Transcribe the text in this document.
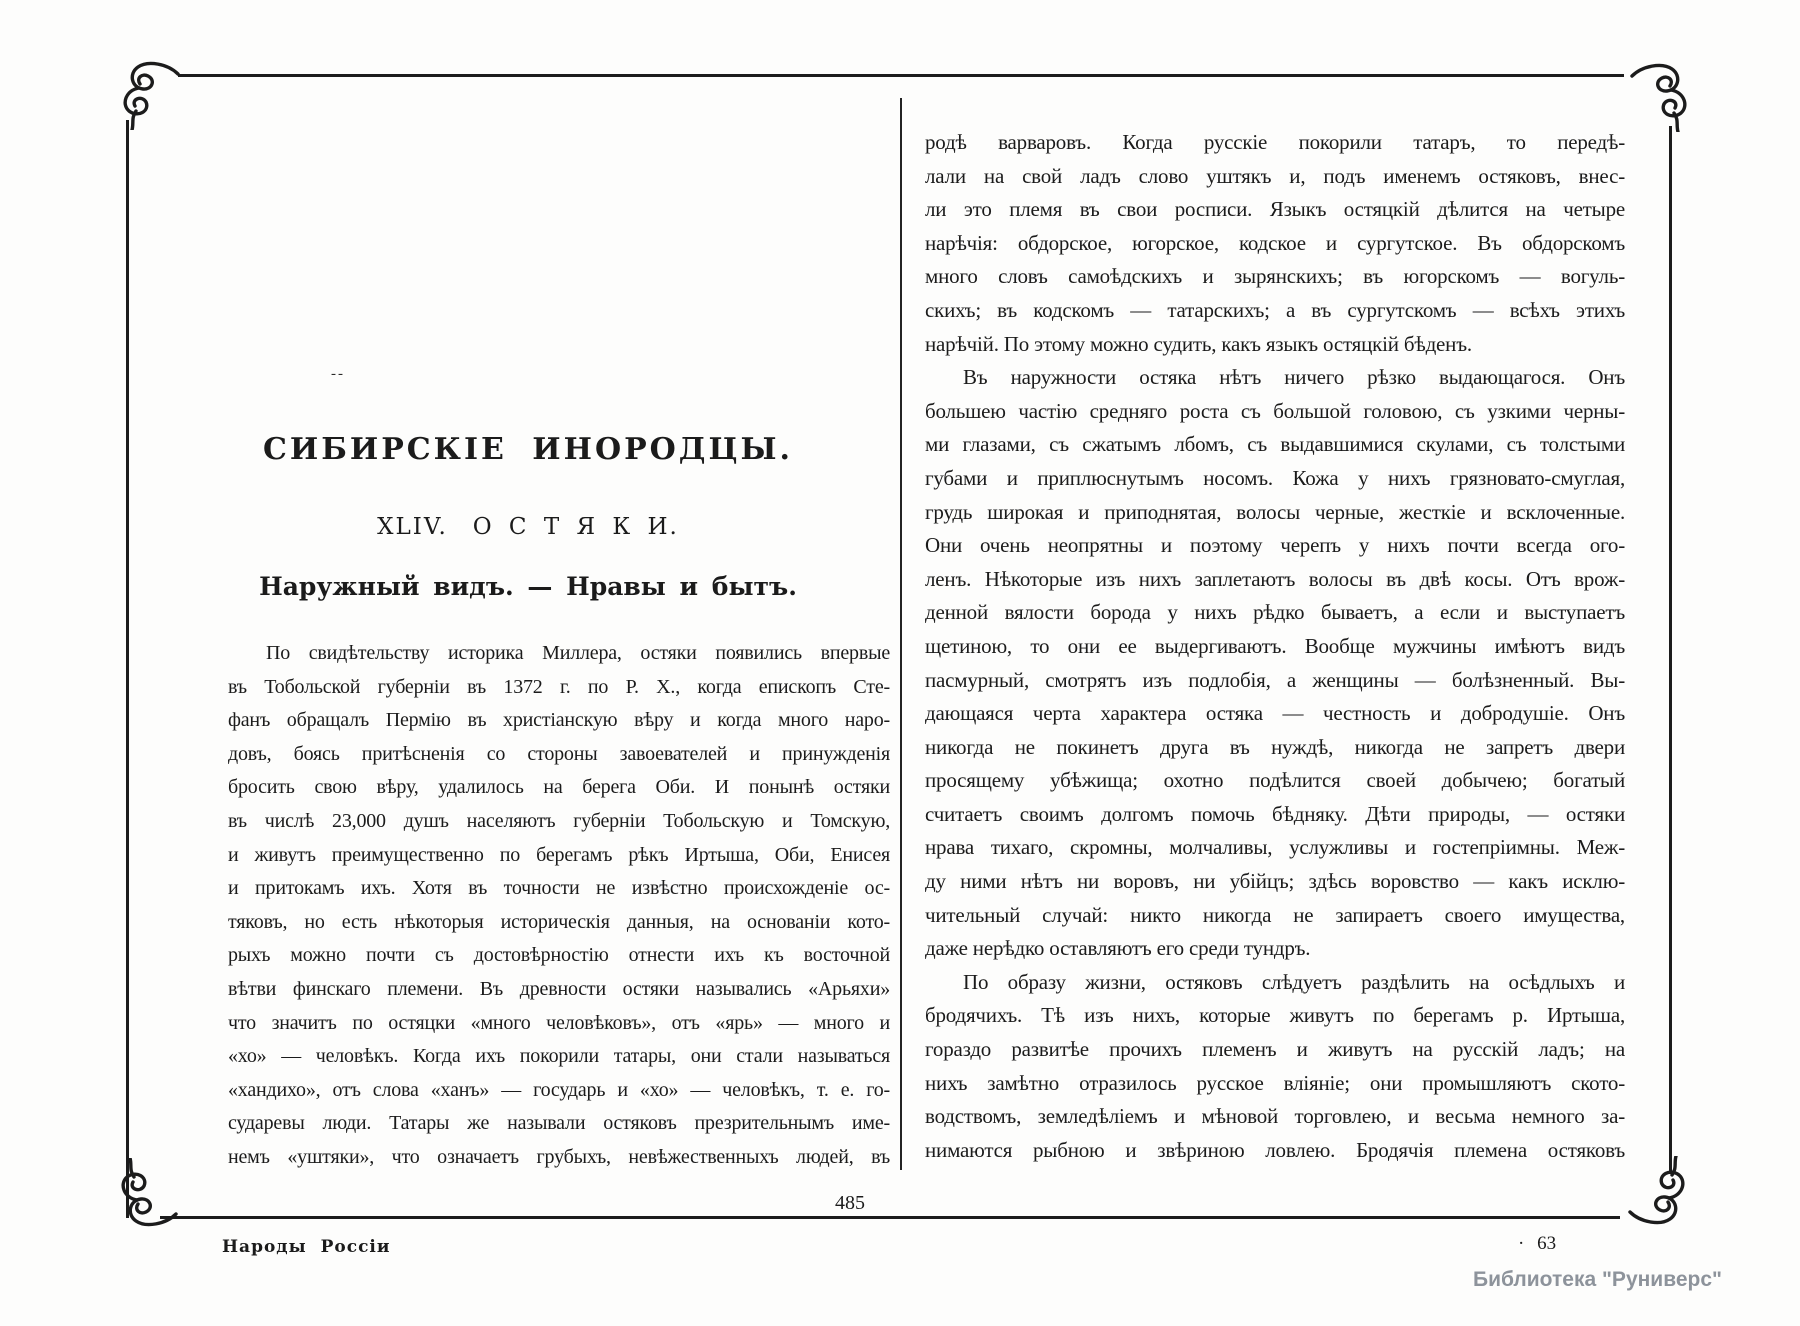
--
СИБИРСКІЕ ИНОРОДЦЫ.
XLIV. О С Т Я К И.
Наружный видъ. — Нравы и бытъ.
По свидѣтельству историка Миллера, остяки появились впервые
въ Тобольской губерніи въ 1372 г. по Р. Х., когда епископъ Сте-
фанъ обращалъ Пермію въ христіанскую вѣру и когда много наро-
довъ, боясь притѣсненія со стороны завоевателей и принужденія
бросить свою вѣру, удалилось на берега Оби. И понынѣ остяки
въ числѣ 23,000 душъ населяютъ губерніи Тобольскую и Томскую,
и живутъ преимущественно по берегамъ рѣкъ Иртыша, Оби, Енисея
и притокамъ ихъ. Хотя въ точности не извѣстно происхожденіе ос-
тяковъ, но есть нѣкоторыя историческія данныя, на основаніи кото-
рыхъ можно почти съ достовѣрностію отнести ихъ къ восточной
вѣтви финскаго племени. Въ древности остяки назывались «Арьяхи»
что значитъ по остяцки «много человѣковъ», отъ «ярь» — много и
«хо» — человѣкъ. Когда ихъ покорили татары, они стали называться
«хандихо», отъ слова «ханъ» — государь и «хо» — человѣкъ, т. е. го-
сударевы люди. Татары же называли остяковъ презрительнымъ име-
немъ «уштяки», что означаетъ грубыхъ, невѣжественныхъ людей, въ
родѣ варваровъ. Когда русскіе покорили татаръ, то передѣ-
лали на свой ладъ слово уштякъ и, подъ именемъ остяковъ, внес-
ли это племя въ свои росписи. Языкъ остяцкій дѣлится на четыре
нарѣчія: обдорское, югорское, кодское и сургутское. Въ обдорскомъ
много словъ самоѣдскихъ и зырянскихъ; въ югорскомъ — вогуль-
скихъ; въ кодскомъ — татарскихъ; а въ сургутскомъ — всѣхъ этихъ
нарѣчій. По этому можно судить, какъ языкъ остяцкій бѣденъ.
Въ наружности остяка нѣтъ ничего рѣзко выдающагося. Онъ
большею частію средняго роста съ большой головою, съ узкими черны-
ми глазами, съ сжатымъ лбомъ, съ выдавшимися скулами, съ толстыми
губами и приплюснутымъ носомъ. Кожа у нихъ грязновато-смуглая,
грудь широкая и приподнятая, волосы черные, жесткіе и всклоченные.
Они очень неопрятны и поэтому черепъ у нихъ почти всегда ого-
ленъ. Нѣкоторые изъ нихъ заплетаютъ волосы въ двѣ косы. Отъ врож-
денной вялости борода у нихъ рѣдко бываетъ, а если и выступаетъ
щетиною, то они ее выдергиваютъ. Вообще мужчины имѣютъ видъ
пасмурный, смотрятъ изъ подлобія, а женщины — болѣзненный. Вы-
дающаяся черта характера остяка — честность и добродушіе. Онъ
никогда не покинетъ друга въ нуждѣ, никогда не запретъ двери
просящему убѣжища; охотно подѣлится своей добычею; богатый
считаетъ своимъ долгомъ помочь бѣдняку. Дѣти природы, — остяки
нрава тихаго, скромны, молчаливы, услужливы и гостепріимны. Меж-
ду ними нѣтъ ни воровъ, ни убійцъ; здѣсь воровство — какъ исклю-
чительный случай: никто никогда не запираетъ своего имущества,
даже нерѣдко оставляютъ его среди тундръ.
По образу жизни, остяковъ слѣдуетъ раздѣлить на осѣдлыхъ и
бродячихъ. Тѣ изъ нихъ, которые живутъ по берегамъ р. Иртыша,
гораздо развитѣе прочихъ племенъ и живутъ на русскій ладъ; на
нихъ замѣтно отразилось русское вліяніе; они промышляютъ ското-
водствомъ, земледѣліемъ и мѣновой торговлею, и весьма немного за-
нимаются рыбною и звѣриною ловлею. Бродячія племена остяковъ
485
Народы Россіи	· 63
Библиотека "Руниверс"
